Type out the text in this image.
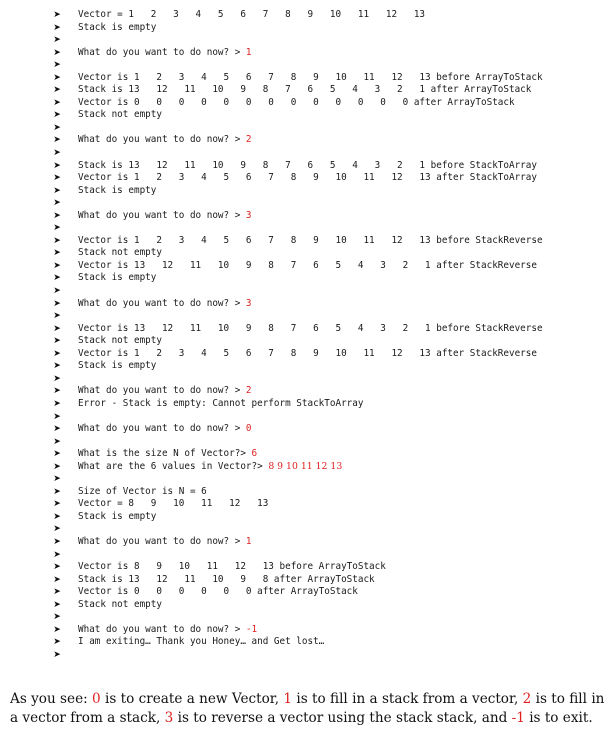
➤ Vector = 1   2   3   4   5   6   7   8   9   10   11   12   13
➤ Stack is empty
➤
➤ What do you want to do now? > 1
➤
➤ Vector is 1   2   3   4   5   6   7   8   9   10   11   12   13 before ArrayToStack
➤ Stack is 13   12   11   10   9   8   7   6   5   4   3   2   1 after ArrayToStack
➤ Vector is 0   0   0   0   0   0   0   0   0   0   0   0   0 after ArrayToStack
➤ Stack not empty
➤
➤ What do you want to do now? > 2
➤
➤ Stack is 13   12   11   10   9   8   7   6   5   4   3   2   1 before StackToArray
➤ Vector is 1   2   3   4   5   6   7   8   9   10   11   12   13 after StackToArray
➤ Stack is empty
➤
➤ What do you want to do now? > 3
➤
➤ Vector is 1   2   3   4   5   6   7   8   9   10   11   12   13 before StackReverse
➤ Stack not empty
➤ Vector is 13   12   11   10   9   8   7   6   5   4   3   2   1 after StackReverse
➤ Stack is empty
➤
➤ What do you want to do now? > 3
➤
➤ Vector is 13   12   11   10   9   8   7   6   5   4   3   2   1 before StackReverse
➤ Stack not empty
➤ Vector is 1   2   3   4   5   6   7   8   9   10   11   12   13 after StackReverse
➤ Stack is empty
➤
➤ What do you want to do now? > 2
➤ Error - Stack is empty: Cannot perform StackToArray
➤
➤ What do you want to do now? > 0
➤
➤ What is the size N of Vector?> 6
➤ What are the 6 values in Vector?> 8 9 10 11 12 13
➤
➤ Size of Vector is N = 6
➤ Vector = 8   9   10   11   12   13
➤ Stack is empty
➤
➤ What do you want to do now? > 1
➤
➤ Vector is 8   9   10   11   12   13 before ArrayToStack
➤ Stack is 13   12   11   10   9   8 after ArrayToStack
➤ Vector is 0   0   0   0   0   0 after ArrayToStack
➤ Stack not empty
➤
➤ What do you want to do now? > -1
➤ I am exiting… Thank you Honey… and Get lost…
➤
As you see: 0 is to create a new Vector, 1 is to fill in a stack from a vector, 2 is to fill in a vector from a stack, 3 is to reverse a vector using the stack stack, and -1 is to exit.
